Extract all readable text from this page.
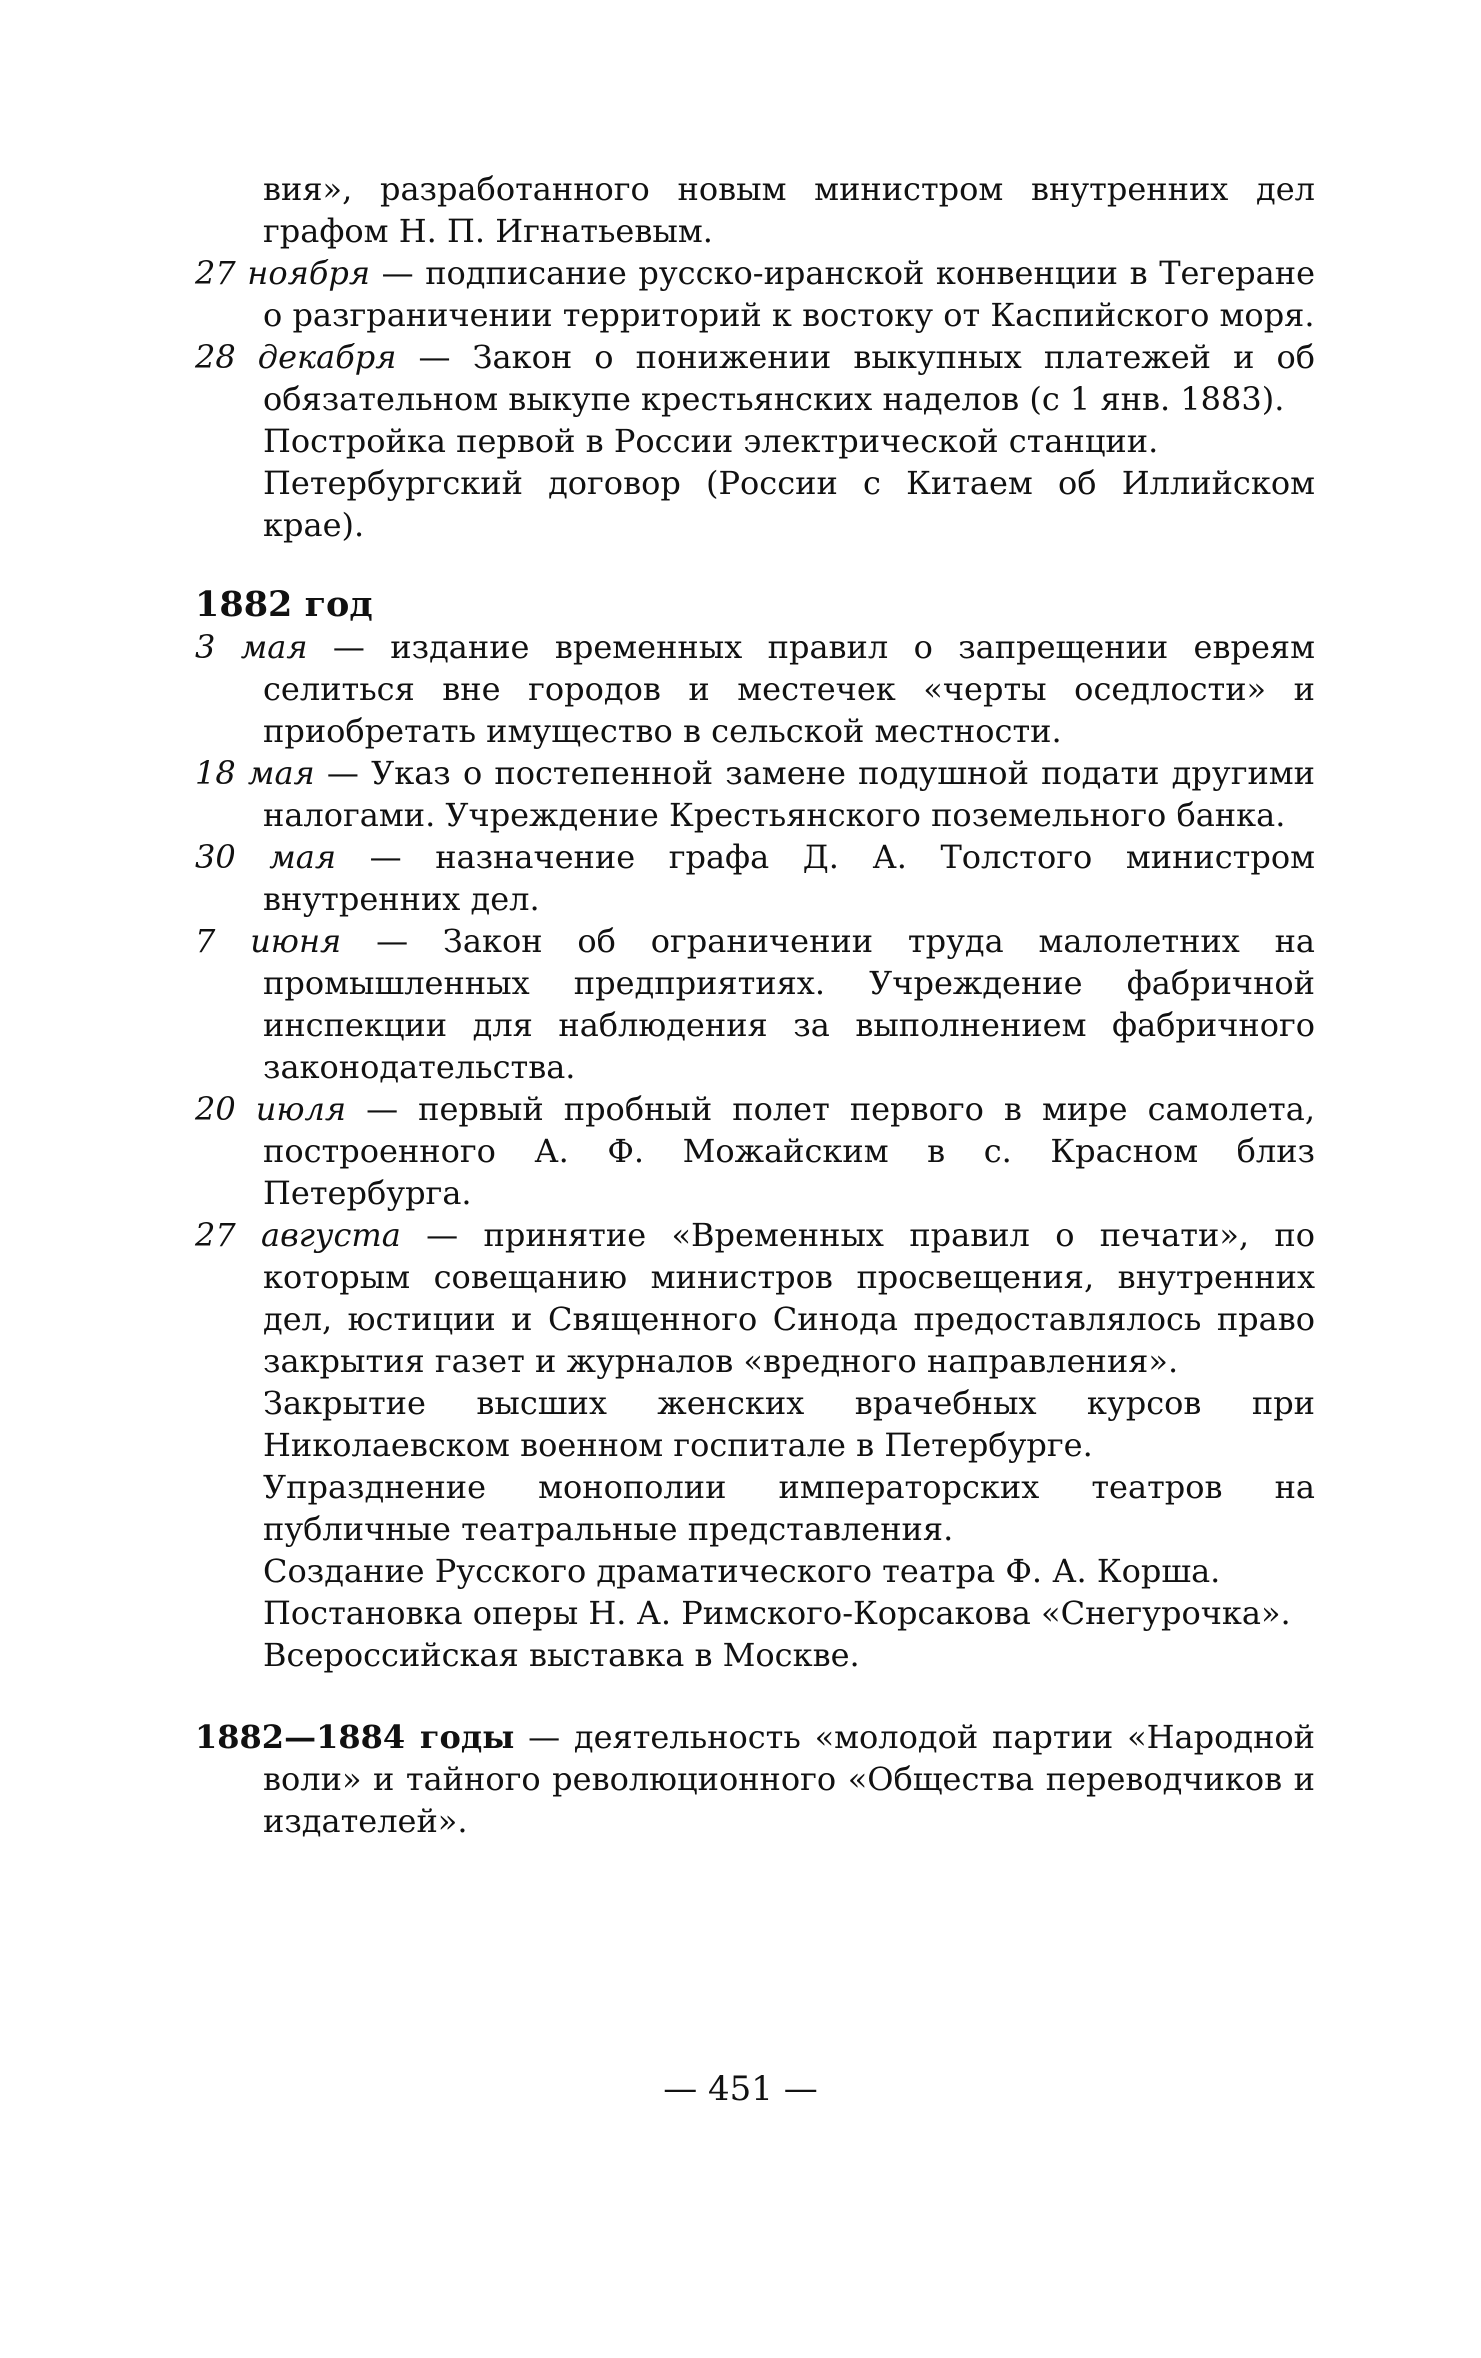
вия», разработанного новым министром внутренних дел графом Н. П. Игнатьевым.

27 ноября — подписание русско-иранской конвенции в Тегеране о разграничении территорий к востоку от Каспийского моря.

28 декабря — Закон о понижении выкупных платежей и об обязательном выкупе крестьянских наделов (с 1 янв. 1883).

Постройка первой в России электрической станции.

Петербургский договор (России с Китаем об Иллийском крае).

1882 год

3 мая — издание временных правил о запрещении евреям селиться вне городов и местечек «черты оседлости» и приобретать имущество в сельской местности.

18 мая — Указ о постепенной замене подушной подати другими налогами. Учреждение Крестьянского поземельного банка.

30 мая — назначение графа Д. А. Толстого министром внутренних дел.

7 июня — Закон об ограничении труда малолетних на промышленных предприятиях. Учреждение фабричной инспекции для наблюдения за выполнением фабричного законодательства.

20 июля — первый пробный полет первого в мире самолета, построенного А. Ф. Можайским в с. Красном близ Петербурга.

27 августа — принятие «Временных правил о печати», по которым совещанию министров просвещения, внутренних дел, юстиции и Священного Синода предоставлялось право закрытия газет и журналов «вредного направления».

Закрытие высших женских врачебных курсов при Николаевском военном госпитале в Петербурге.

Упразднение монополии императорских театров на публичные театральные представления.

Создание Русского драматического театра Ф. А. Корша.

Постановка оперы Н. А. Римского-Корсакова «Снегурочка».

Всероссийская выставка в Москве.

1882—1884 годы — деятельность «молодой партии «Народной воли» и тайного революционного «Общества переводчиков и издателей».

— 451 —
